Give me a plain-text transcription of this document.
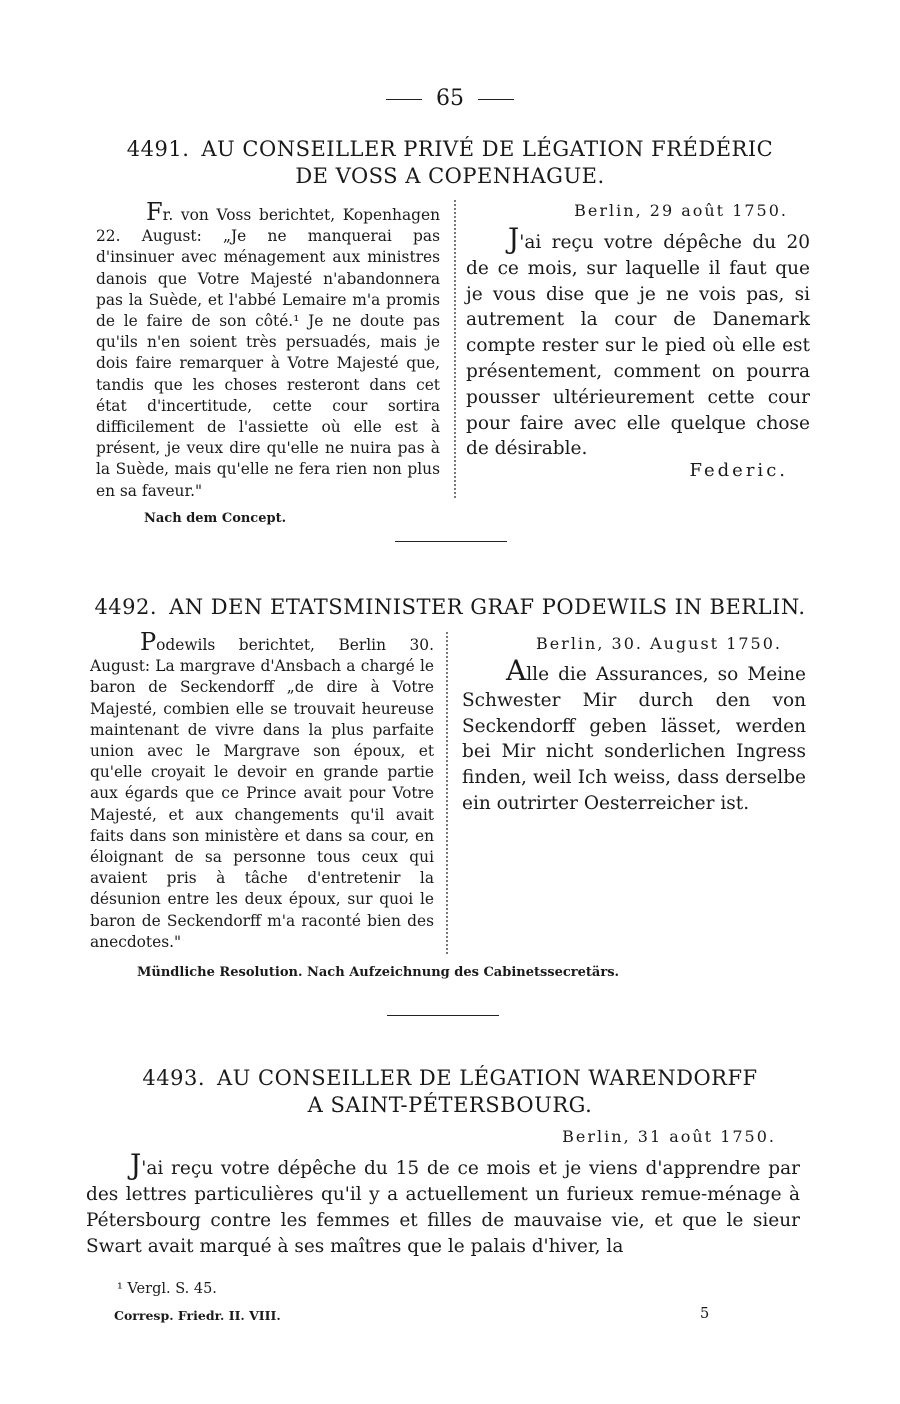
65
4491. AU CONSEILLER PRIVÉ DE LÉGATION FRÉDÉRIC
DE VOSS A COPENHAGUE.
Fr. von Voss berichtet, Kopenhagen 22. August: „Je ne manquerai pas d'insinuer avec ménagement aux ministres danois que Votre Majesté n'abandonnera pas la Suède, et l'abbé Lemaire m'a promis de le faire de son côté.¹ Je ne doute pas qu'ils n'en soient très persuadés, mais je dois faire remarquer à Votre Majesté que, tandis que les choses resteront dans cet état d'incertitude, cette cour sortira difficilement de l'assiette où elle est à présent, je veux dire qu'elle ne nuira pas à la Suède, mais qu'elle ne fera rien non plus en sa faveur."
Nach dem Concept.
Berlin, 29 août 1750.
J'ai reçu votre dépêche du 20 de ce mois, sur laquelle il faut que je vous dise que je ne vois pas, si autrement la cour de Danemark compte rester sur le pied où elle est présentement, comment on pourra pousser ultérieurement cette cour pour faire avec elle quelque chose de désirable.
Federic.
4492. AN DEN ETATSMINISTER GRAF PODEWILS IN BERLIN.
Podewils berichtet, Berlin 30. August: La margrave d'Ansbach a chargé le baron de Seckendorff „de dire à Votre Majesté, combien elle se trouvait heureuse maintenant de vivre dans la plus parfaite union avec le Margrave son époux, et qu'elle croyait le devoir en grande partie aux égards que ce Prince avait pour Votre Majesté, et aux changements qu'il avait faits dans son ministère et dans sa cour, en éloignant de sa personne tous ceux qui avaient pris à tâche d'entretenir la désunion entre les deux époux, sur quoi le baron de Seckendorff m'a raconté bien des anecdotes."
Berlin, 30. August 1750.
Alle die Assurances, so Meine Schwester Mir durch den von Seckendorff geben lässet, werden bei Mir nicht sonderlichen Ingress finden, weil Ich weiss, dass derselbe ein outrirter Oesterreicher ist.
Mündliche Resolution. Nach Aufzeichnung des Cabinetssecretärs.
4493. AU CONSEILLER DE LÉGATION WARENDORFF
A SAINT-PÉTERSBOURG.
Berlin, 31 août 1750.
J'ai reçu votre dépêche du 15 de ce mois et je viens d'apprendre par des lettres particulières qu'il y a actuellement un furieux remue-ménage à Pétersbourg contre les femmes et filles de mauvaise vie, et que le sieur Swart avait marqué à ses maîtres que le palais d'hiver, la
¹ Vergl. S. 45.
Corresp. Friedr. II. VIII.	5
